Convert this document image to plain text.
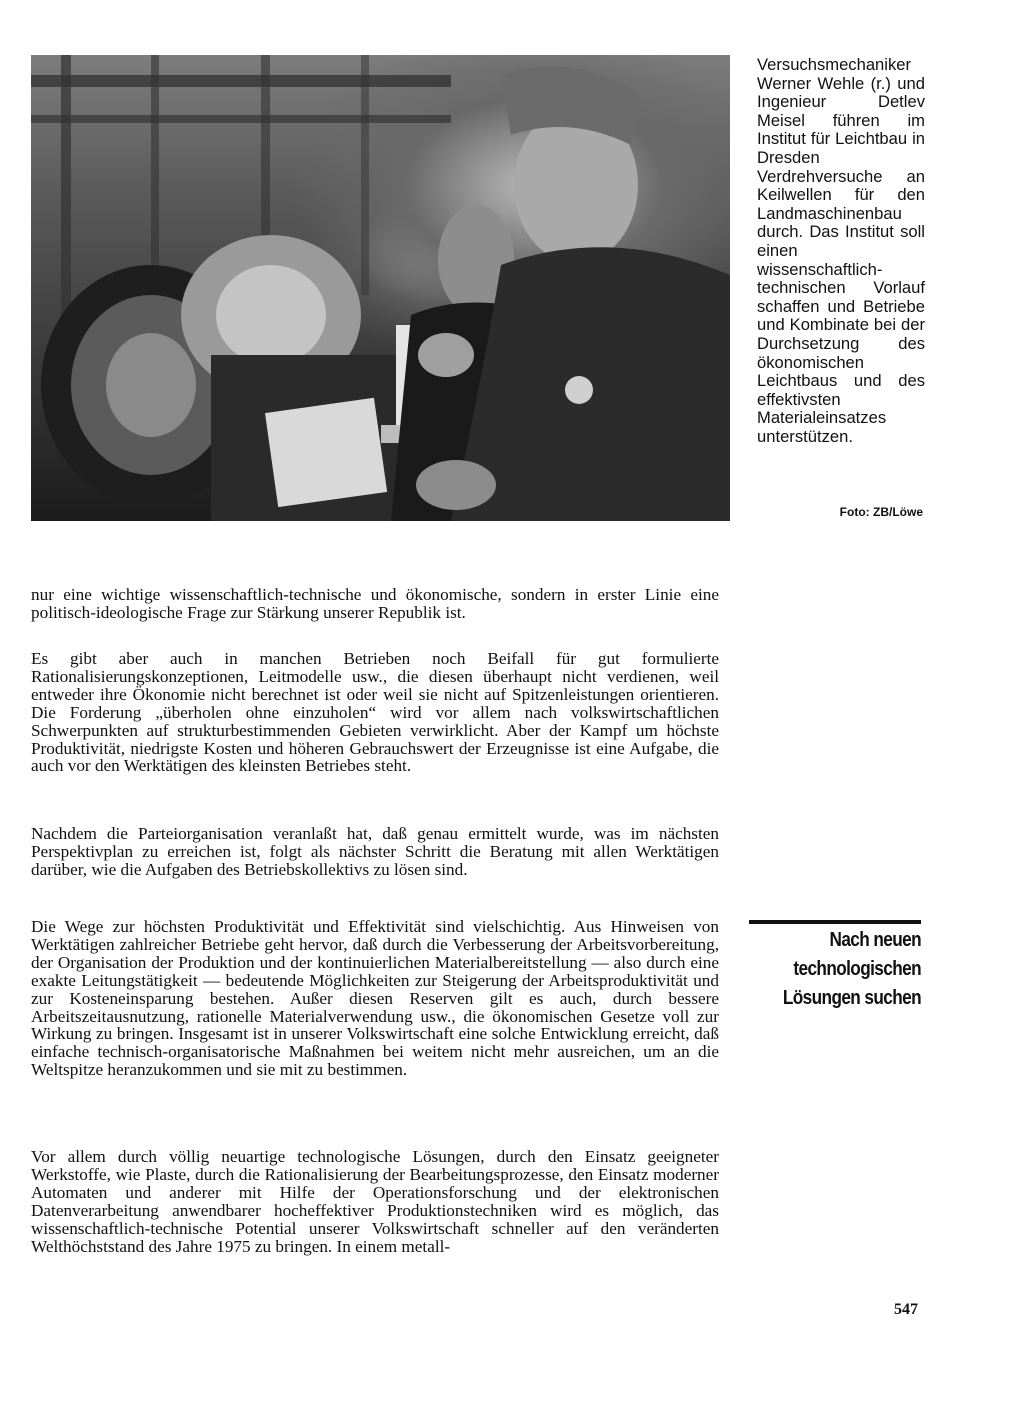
Versuchsmechaniker Werner Wehle (r.) und Ingenieur Detlev Meisel führen im Institut für Leichtbau in Dresden Verdrehversuche an Keilwellen für den Landmaschinenbau durch. Das Institut soll einen wissenschaftlich-technischen Vorlauf schaffen und Betriebe und Kombinate bei der Durchsetzung des ökonomischen Leichtbaus und des effektivsten Materialeinsatzes unterstützen.
Foto: ZB/Löwe

nur eine wichtige wissenschaftlich-technische und ökonomische, sondern in erster Linie eine politisch-ideologische Frage zur Stärkung unserer Republik ist.

Es gibt aber auch in manchen Betrieben noch Beifall für gut formulierte Rationalisierungskonzeptionen, Leitmodelle usw., die diesen überhaupt nicht verdienen, weil entweder ihre Ökonomie nicht berechnet ist oder weil sie nicht auf Spitzenleistungen orientieren. Die Forderung „überholen ohne einzuholen“ wird vor allem nach volkswirtschaftlichen Schwerpunkten auf strukturbestimmenden Gebieten verwirklicht. Aber der Kampf um höchste Produktivität, niedrigste Kosten und höheren Gebrauchswert der Erzeugnisse ist eine Aufgabe, die auch vor den Werktätigen des kleinsten Betriebes steht.

Nachdem die Parteiorganisation veranlaßt hat, daß genau ermittelt wurde, was im nächsten Perspektivplan zu erreichen ist, folgt als nächster Schritt die Beratung mit allen Werktätigen darüber, wie die Aufgaben des Betriebskollektivs zu lösen sind.

Die Wege zur höchsten Produktivität und Effektivität sind vielschichtig. Aus Hinweisen von Werktätigen zahlreicher Betriebe geht hervor, daß durch die Verbesserung der Arbeitsvorbereitung, der Organisation der Produktion und der kontinuierlichen Materialbereitstellung — also durch eine exakte Leitungstätigkeit — bedeutende Möglichkeiten zur Steigerung der Arbeitsproduktivität und zur Kosteneinsparung bestehen. Außer diesen Reserven gilt es auch, durch bessere Arbeitszeitausnutzung, rationelle Materialverwendung usw., die ökonomischen Gesetze voll zur Wirkung zu bringen. Insgesamt ist in unserer Volkswirtschaft eine solche Entwicklung erreicht, daß einfache technisch-organisatorische Maßnahmen bei weitem nicht mehr ausreichen, um an die Weltspitze heranzukommen und sie mit zu bestimmen.

Vor allem durch völlig neuartige technologische Lösungen, durch den Einsatz geeigneter Werkstoffe, wie Plaste, durch die Rationalisierung der Bearbeitungsprozesse, den Einsatz moderner Automaten und anderer mit Hilfe der Operationsforschung und der elektronischen Datenverarbeitung anwendbarer hocheffektiver Produktionstechniken wird es möglich, das wissenschaftlich-technische Potential unserer Volkswirtschaft schneller auf den veränderten Welthöchststand des Jahre 1975 zu bringen. In einem metall-

Nach neuen
technologischen
Lösungen suchen
547
